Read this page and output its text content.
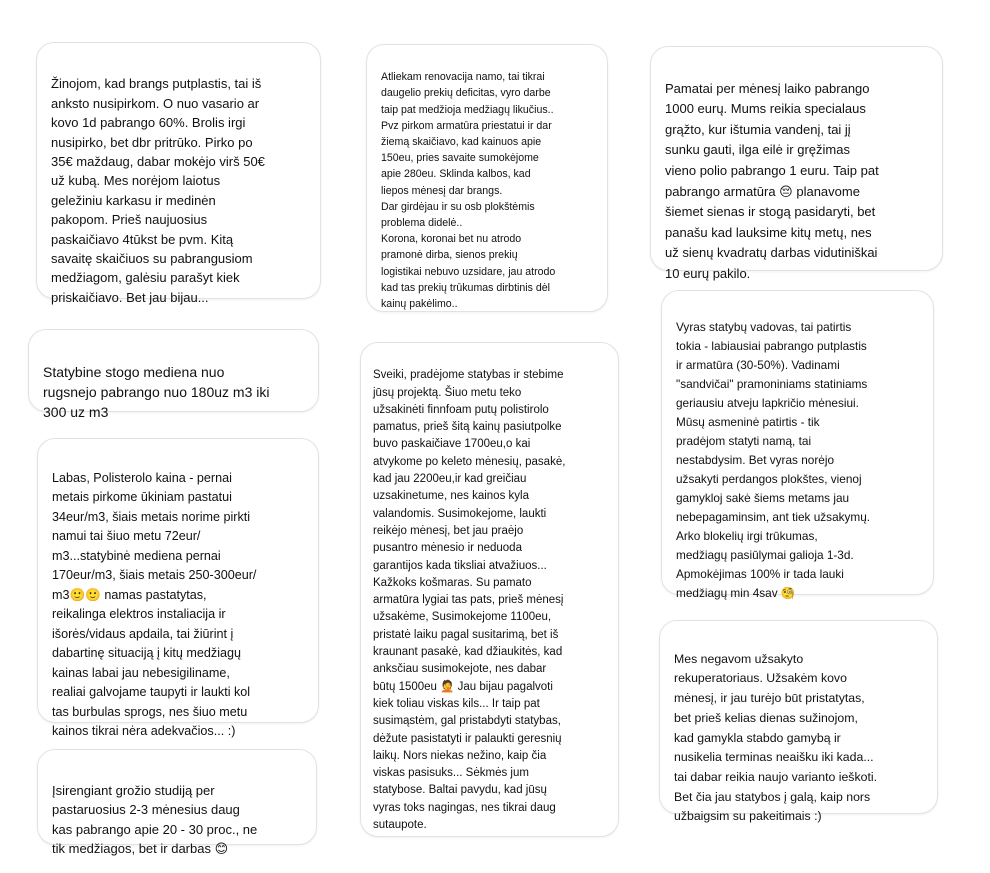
Žinojom, kad brangs putplastis, tai iš
anksto nusipirkom. O nuo vasario ar
kovo 1d pabrango 60%. Brolis irgi
nusipirko, bet dbr pritrūko. Pirko po
35€ maždaug, dabar mokėjo virš 50€
už kubą. Mes norėjom laiotus
geležiniu karkasu ir medinėn
pakopom. Prieš naujuosius
paskaičiavo 4tūkst be pvm. Kitą
savaitę skaičiuos su pabrangusiom
medžiagom, galėsiu parašyt kiek
priskaičiavo. Bet jau bijau...

Statybine stogo mediena nuo
rugsnejo pabrango nuo 180uz m3 iki
300 uz m3

Labas, Polisterolo kaina - pernai
metais pirkome ūkiniam pastatui
34eur/m3, šiais metais norime pirkti
namui tai šiuo metu 72eur/
m3...statybinė mediena pernai
170eur/m3, šiais metais 250-300eur/
m3🙂🙂 namas pastatytas,
reikalinga elektros instaliacija ir
išorės/vidaus apdaila, tai žiūrint į
dabartinę situaciją į kitų medžiagų
kainas labai jau nebesigiliname,
realiai galvojame taupyti ir laukti kol
tas burbulas sprogs, nes šiuo metu
kainos tikrai nėra adekvačios... :)

Įsirengiant grožio studiją per
pastaruosius 2-3 mėnesius daug
kas pabrango apie 20 - 30 proc., ne
tik medžiagos, bet ir darbas 😊

Atliekam renovacija namo, tai tikrai
daugelio prekių deficitas, vyro darbe
taip pat medžioja medžiagų likučius..
Pvz pirkom armatūra priestatui ir dar
žiemą skaičiavo, kad kainuos apie
150eu, pries savaite sumokėjome
apie 280eu. Sklinda kalbos, kad
liepos mėnesį dar brangs.
Dar girdėjau ir su osb plokštėmis
problema didelė..
Korona, koronai bet nu atrodo
pramonė dirba, sienos prekių
logistikai nebuvo uzsidare, jau atrodo
kad tas prekių trūkumas dirbtinis dėl
kainų pakėlimo..

Sveiki, pradėjome statybas ir stebime
jūsų projektą. Šiuo metu teko
užsakinėti finnfoam putų polistirolo
pamatus, prieš šitą kainų pasiutpolke
buvo paskaičiave 1700eu,o kai
atvykome po keleto mėnesių, pasakė,
kad jau 2200eu,ir kad greičiau
uzsakinetume, nes kainos kyla
valandomis. Susimokejome, laukti
reikėjo mėnesį, bet jau praėjo
pusantro mėnesio ir neduoda
garantijos kada tiksliai atvažiuos...
Kažkoks košmaras. Su pamato
armatūra lygiai tas pats, prieš mėnesį
užsakėme, Susimokejome 1100eu,
pristatė laiku pagal susitarimą, bet iš
kraunant pasakė, kad džiaukitės, kad
anksčiau susimokejote, nes dabar
būtų 1500eu 🤦 Jau bijau pagalvoti
kiek toliau viskas kils... Ir taip pat
susimąstėm, gal pristabdyti statybas,
dėžute pasistatyti ir palaukti geresnių
laikų. Nors niekas nežino, kaip čia
viskas pasisuks... Sėkmės jum
statybose. Baltai pavydu, kad jūsų
vyras toks nagingas, nes tikrai daug
sutaupote.

Pamatai per mėnesį laiko pabrango
1000 eurų. Mums reikia specialaus
grąžto, kur ištumia vandenį, tai jį
sunku gauti, ilga eilė ir gręžimas
vieno polio pabrango 1 euru. Taip pat
pabrango armatūra 😔 planavome
šiemet sienas ir stogą pasidaryti, bet
panašu kad lauksime kitų metų, nes
už sienų kvadratų darbas vidutiniškai
10 eurų pakilo.

Vyras statybų vadovas, tai patirtis
tokia - labiausiai pabrango putplastis
ir armatūra (30-50%). Vadinami
"sandvičai" pramoniniams statiniams
geriausiu atveju lapkričio mėnesiui.
Mūsų asmeninė patirtis - tik
pradėjom statyti namą, tai
nestabdysim. Bet vyras norėjo
užsakyti perdangos plokštes, vienoj
gamykloj sakė šiems metams jau
nebepagaminsim, ant tiek užsakymų.
Arko blokelių irgi trūkumas,
medžiagų pasiūlymai galioja 1-3d.
Apmokėjimas 100% ir tada lauki
medžiagų min 4sav 🧐

Mes negavom užsakyto
rekuperatoriaus. Užsakėm kovo
mėnesį, ir jau turėjo būt pristatytas,
bet prieš kelias dienas sužinojom,
kad gamykla stabdo gamybą ir
nusikelia terminas neaišku iki kada...
tai dabar reikia naujo varianto ieškoti.
Bet čia jau statybos į galą, kaip nors
užbaigsim su pakeitimais :)
